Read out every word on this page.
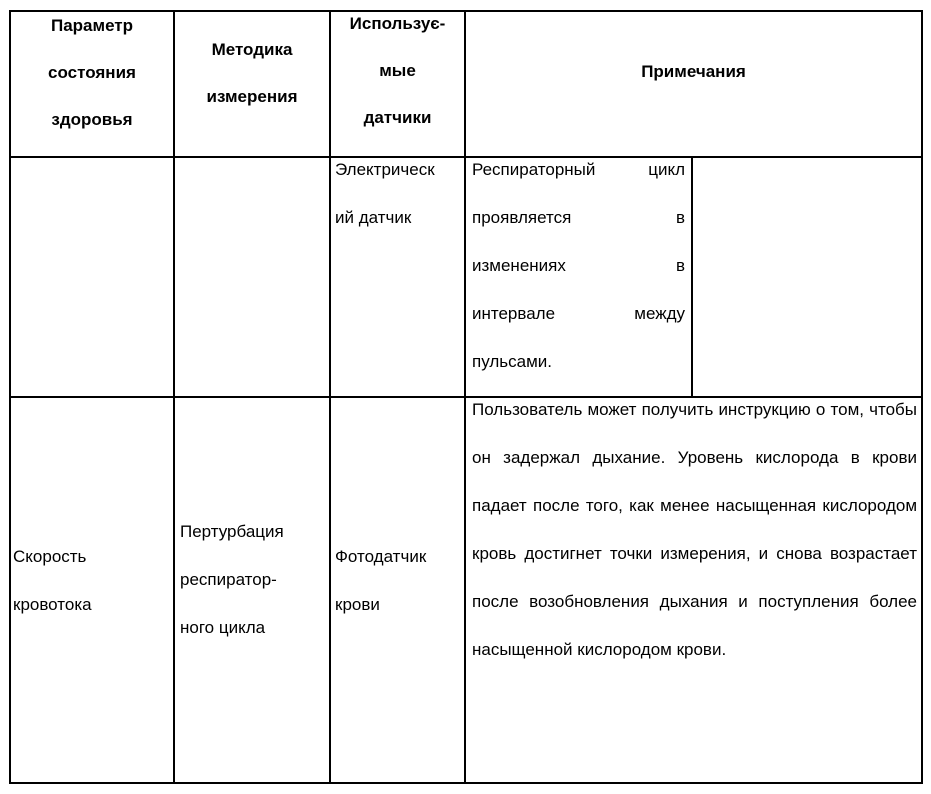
Параметр
состояния
здоровья
Методика
измерения
Использує-
мые
датчики
Примечания
Электрическ
ий датчик
Респираторный	цикл
проявляется	в
изменениях	в
интервале	между
пульсами.
Скорость
кровотока
Пертурбация
респиратор-
ного цикла
Фотодатчик
крови
Пользователь может получить инструкцию о том, чтобы он задержал дыхание. Уровень кислорода в крови падает после того, как менее насыщенная кислородом кровь достигнет точки измерения, и снова возрастает после возобновления дыхания и поступления более насыщенной кислородом крови.
